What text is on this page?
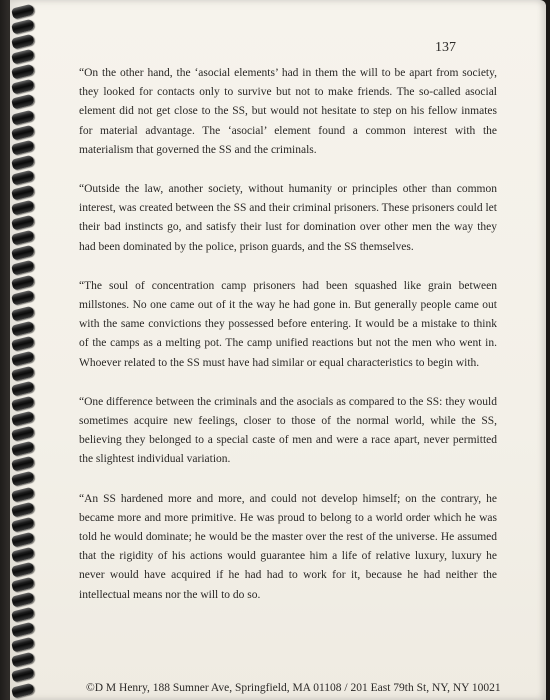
137

“On the other hand, the ‘asocial elements’ had in them the will to be apart from society, they looked for contacts only to survive but not to make friends. The so-called asocial element did not get close to the SS, but would not hesitate to step on his fellow inmates for material advantage. The ‘asocial’ element found a common interest with the materialism that governed the SS and the criminals.

“Outside the law, another society, without humanity or principles other than common interest, was created between the SS and their criminal prisoners. These prisoners could let their bad instincts go, and satisfy their lust for domination over other men the way they had been dominated by the police, prison guards, and the SS themselves.

“The soul of concentration camp prisoners had been squashed like grain between millstones. No one came out of it the way he had gone in. But generally people came out with the same convictions they possessed before entering. It would be a mistake to think of the camps as a melting pot. The camp unified reactions but not the men who went in. Whoever related to the SS must have had similar or equal characteristics to begin with.

“One difference between the criminals and the asocials as compared to the SS: they would sometimes acquire new feelings, closer to those of the normal world, while the SS, believing they belonged to a special caste of men and were a race apart, never permitted the slightest individual variation.

“An SS hardened more and more, and could not develop himself; on the contrary, he became more and more primitive. He was proud to belong to a world order which he was told he would dominate; he would be the master over the rest of the universe. He assumed that the rigidity of his actions would guarantee him a life of relative luxury, luxury he never would have acquired if he had had to work for it, because he had neither the intellectual means nor the will to do so.

©D M Henry, 188 Sumner Ave, Springfield, MA 01108 / 201 East 79th St, NY, NY 10021
